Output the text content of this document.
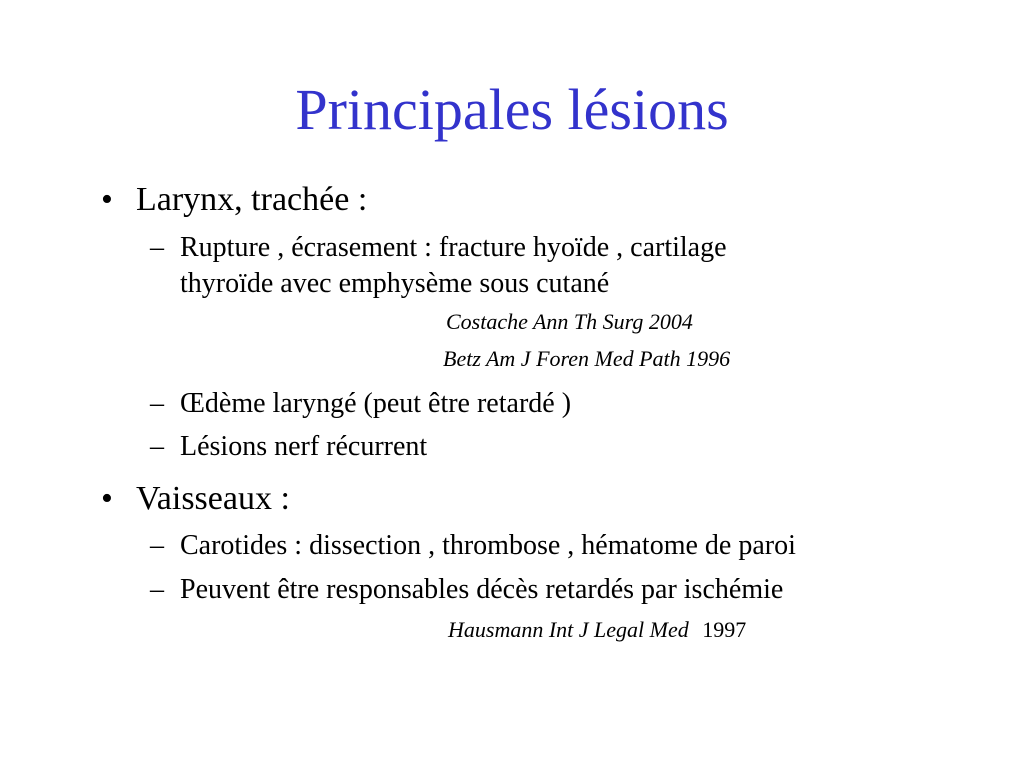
Principales lésions
• Larynx, trachée :
– Rupture , écrasement : fracture hyoïde , cartilage
thyroïde avec emphysème sous cutané
Costache Ann Th Surg 2004
Betz Am J Foren Med Path 1996
– Œdème laryngé (peut être retardé )
– Lésions nerf récurrent
• Vaisseaux :
– Carotides : dissection , thrombose , hématome de paroi
– Peuvent être responsables décès retardés par ischémie
Hausmann Int J Legal Med 1997
